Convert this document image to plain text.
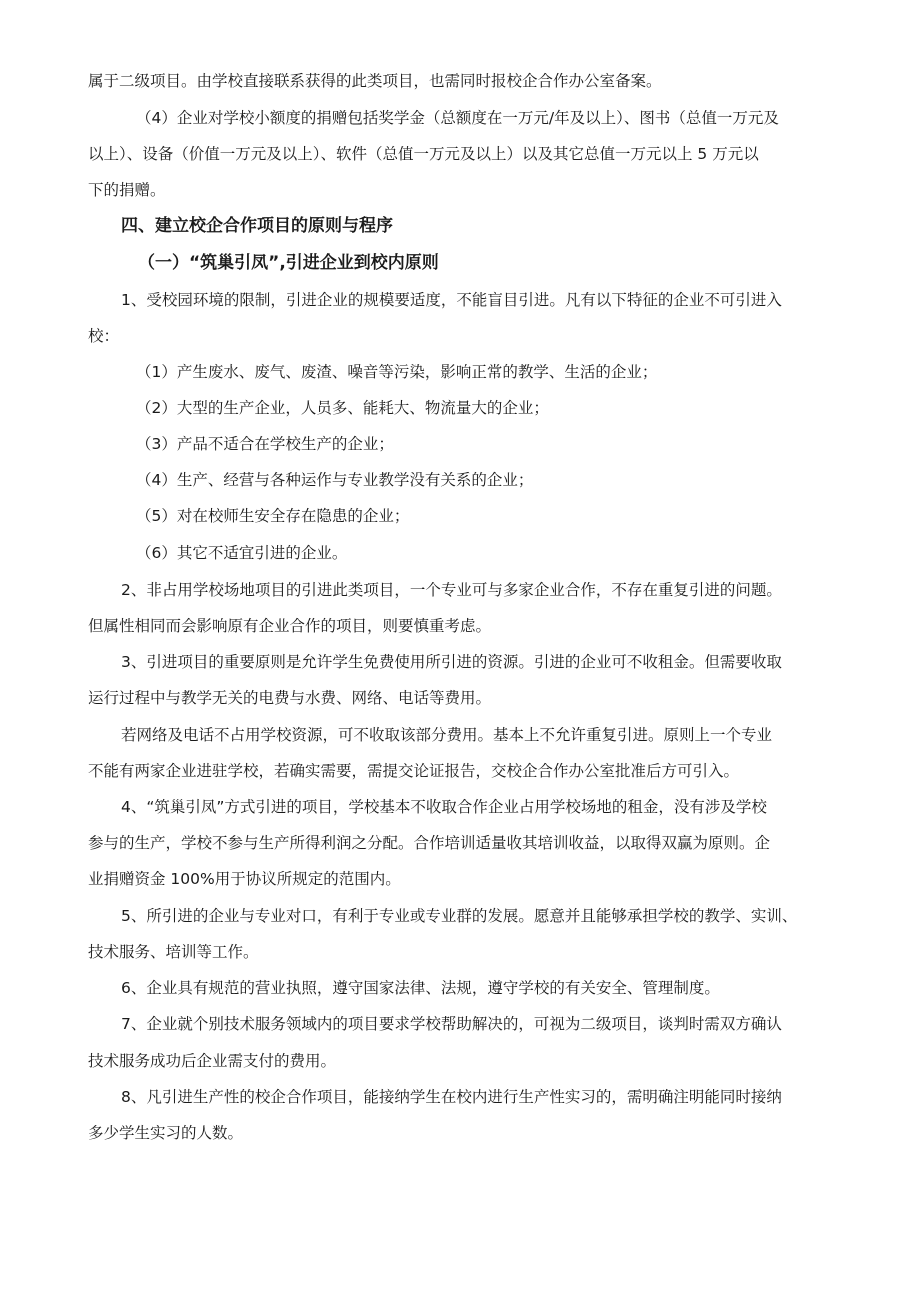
属于二级项目。由学校直接联系获得的此类项目，也需同时报校企合作办公室备案。
（4）企业对学校小额度的捐赠包括奖学金（总额度在一万元/年及以上）、图书（总值一万元及
以上）、设备（价值一万元及以上）、软件（总值一万元及以上）以及其它总值一万元以上 5 万元以
下的捐赠。
四、建立校企合作项目的原则与程序
（一）“筑巢引凤”,引进企业到校内原则
1、受校园环境的限制，引进企业的规模要适度，不能盲目引进。凡有以下特征的企业不可引进入
校：
（1）产生废水、废气、废渣、噪音等污染，影响正常的教学、生活的企业；
（2）大型的生产企业，人员多、能耗大、物流量大的企业；
（3）产品不适合在学校生产的企业；
（4）生产、经营与各种运作与专业教学没有关系的企业；
（5）对在校师生安全存在隐患的企业；
（6）其它不适宜引进的企业。
2、非占用学校场地项目的引进此类项目，一个专业可与多家企业合作，不存在重复引进的问题。
但属性相同而会影响原有企业合作的项目，则要慎重考虑。
3、引进项目的重要原则是允许学生免费使用所引进的资源。引进的企业可不收租金。但需要收取
运行过程中与教学无关的电费与水费、网络、电话等费用。
若网络及电话不占用学校资源，可不收取该部分费用。基本上不允许重复引进。原则上一个专业
不能有两家企业进驻学校，若确实需要，需提交论证报告，交校企合作办公室批准后方可引入。
4、“筑巢引凤”方式引进的项目，学校基本不收取合作企业占用学校场地的租金，没有涉及学校
参与的生产，学校不参与生产所得利润之分配。合作培训适量收其培训收益，以取得双赢为原则。企
业捐赠资金 100%用于协议所规定的范围内。
5、所引进的企业与专业对口，有利于专业或专业群的发展。愿意并且能够承担学校的教学、实训、
技术服务、培训等工作。
6、企业具有规范的营业执照，遵守国家法律、法规，遵守学校的有关安全、管理制度。
7、企业就个别技术服务领域内的项目要求学校帮助解决的，可视为二级项目，谈判时需双方确认
技术服务成功后企业需支付的费用。
8、凡引进生产性的校企合作项目，能接纳学生在校内进行生产性实习的，需明确注明能同时接纳
多少学生实习的人数。
